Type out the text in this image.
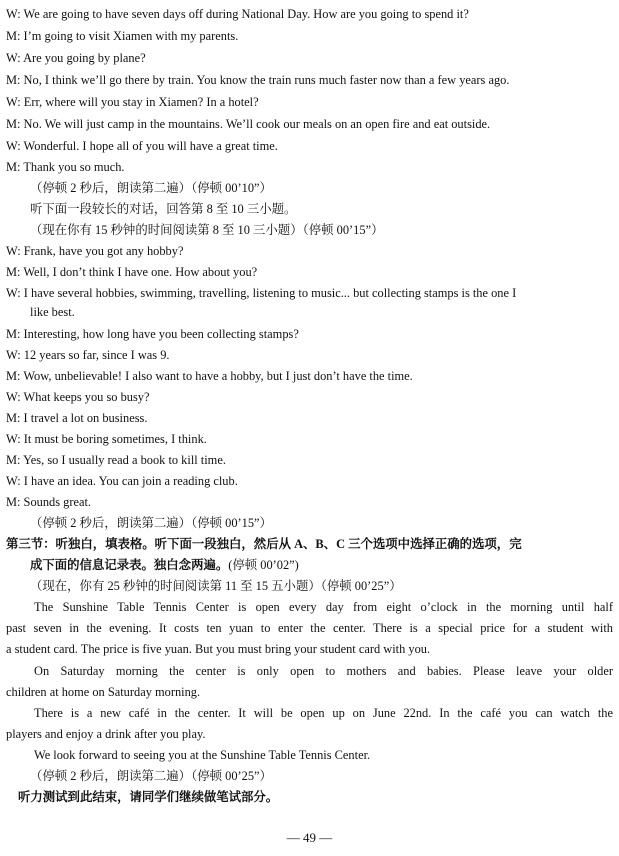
W: We are going to have seven days off during National Day. How are you going to spend it?
M: I’m going to visit Xiamen with my parents.
W: Are you going by plane?
M: No, I think we’ll go there by train. You know the train runs much faster now than a few years ago.
W: Err, where will you stay in Xiamen? In a hotel?
M: No. We will just camp in the mountains. We’ll cook our meals on an open fire and eat outside.
W: Wonderful. I hope all of you will have a great time.
M: Thank you so much.
（停顿 2 秒后，朗读第二遍）（停顿 00’10”）
听下面一段较长的对话，回答第 8 至 10 三小题。
（现在你有 15 秒钟的时间阅读第 8 至 10 三小题）（停顿 00’15”）
W: Frank, have you got any hobby?
M: Well, I don’t think I have one. How about you?
W: I have several hobbies, swimming, travelling, listening to music... but collecting stamps is the one I
like best.
M: Interesting, how long have you been collecting stamps?
W: 12 years so far, since I was 9.
M: Wow, unbelievable! I also want to have a hobby, but I just don’t have the time.
W: What keeps you so busy?
M: I travel a lot on business.
W: It must be boring sometimes, I think.
M: Yes, so I usually read a book to kill time.
W: I have an idea. You can join a reading club.
M: Sounds great.
（停顿 2 秒后，朗读第二遍）（停顿 00’15”）
第三节：听独白，填表格。听下面一段独白，然后从 A、B、C 三个选项中选择正确的选项，完
成下面的信息记录表。独白念两遍。(停顿 00’02”)
（现在，你有 25 秒钟的时间阅读第 11 至 15 五小题）（停顿 00’25”）
The Sunshine Table Tennis Center is open every day from eight o’clock in the morning until half
past seven in the evening. It costs ten yuan to enter the center. There is a special price for a student with
a student card. The price is five yuan. But you must bring your student card with you.
On Saturday morning the center is only open to mothers and babies. Please leave your older
children at home on Saturday morning.
There is a new café in the center. It will be open up on June 22nd. In the café you can watch the
players and enjoy a drink after you play.
We look forward to seeing you at the Sunshine Table Tennis Center.
（停顿 2 秒后，朗读第二遍）（停顿 00’25”）
听力测试到此结束，请同学们继续做笔试部分。
— 49 —
